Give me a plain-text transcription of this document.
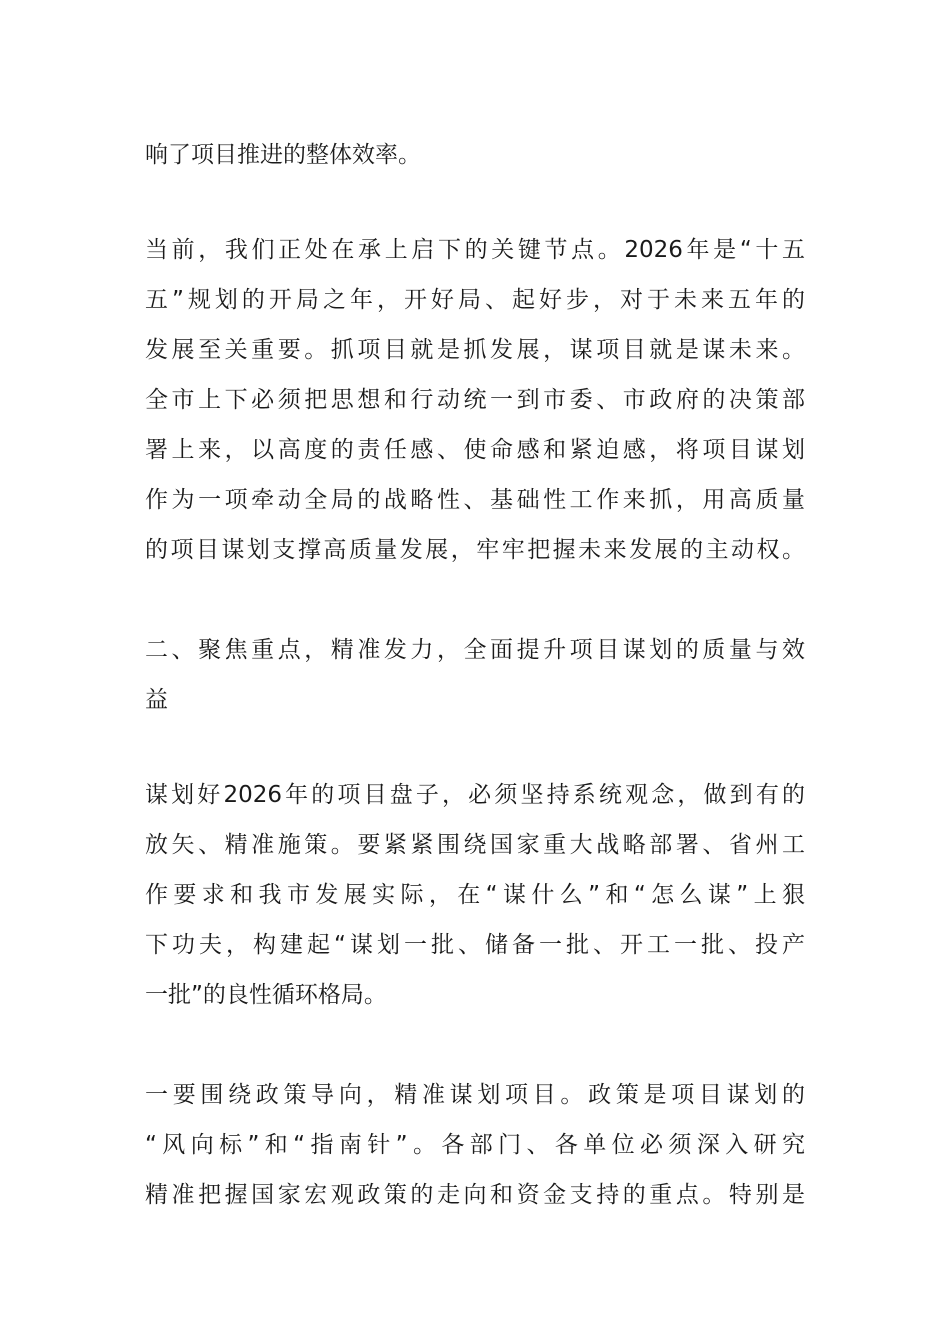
响了项目推进的整体效率。
当前，我们正处在承上启下的关键节点。2026年是“十五
五”规划的开局之年，开好局、起好步，对于未来五年的
发展至关重要。抓项目就是抓发展，谋项目就是谋未来。
全市上下必须把思想和行动统一到市委、市政府的决策部
署上来，以高度的责任感、使命感和紧迫感，将项目谋划
作为一项牵动全局的战略性、基础性工作来抓，用高质量
的项目谋划支撑高质量发展，牢牢把握未来发展的主动权。
二、聚焦重点，精准发力，全面提升项目谋划的质量与效
益
谋划好2026年的项目盘子，必须坚持系统观念，做到有的
放矢、精准施策。要紧紧围绕国家重大战略部署、省州工
作要求和我市发展实际，在“谋什么”和“怎么谋”上狠
下功夫，构建起“谋划一批、储备一批、开工一批、投产
一批”的良性循环格局。
一要围绕政策导向，精准谋划项目。政策是项目谋划的
“风向标”和“指南针”。各部门、各单位必须深入研究
精准把握国家宏观政策的走向和资金支持的重点。特别是
